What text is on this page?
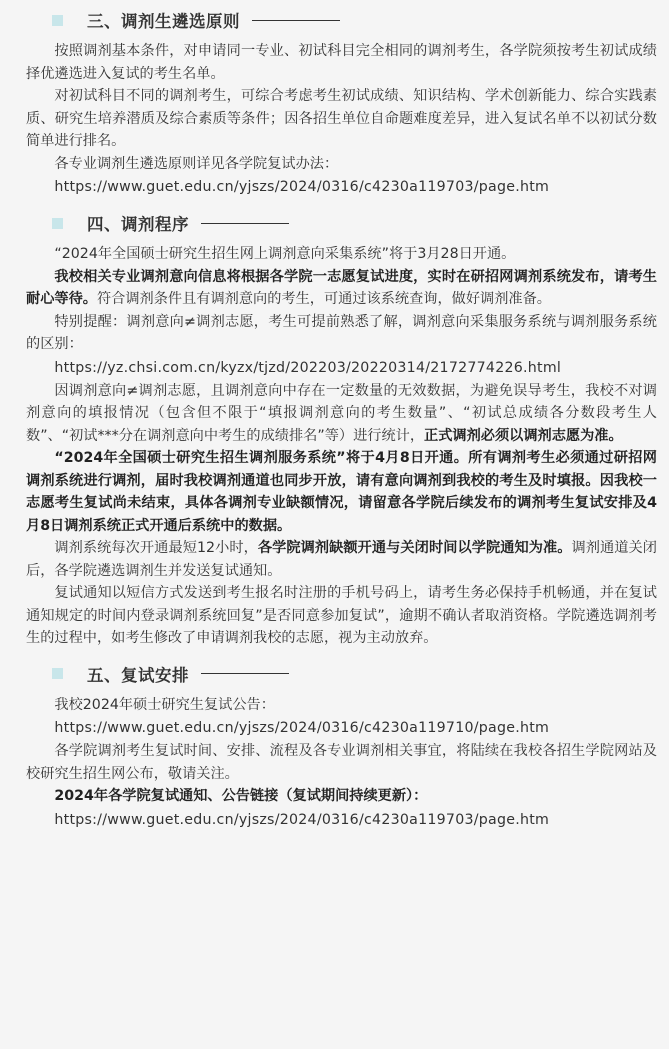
三、调剂生遴选原则

按照调剂基本条件，对申请同一专业、初试科目完全相同的调剂考生，各学院须按考生初试成绩择优遴选进入复试的考生名单。

对初试科目不同的调剂考生，可综合考虑考生初试成绩、知识结构、学术创新能力、综合实践素质、研究生培养潜质及综合素质等条件；因各招生单位自命题难度差异，进入复试名单不以初试分数简单进行排名。

各专业调剂生遴选原则详见各学院复试办法：

https://www.guet.edu.cn/yjszs/2024/0316/c4230a119703/page.htm
四、调剂程序

“2024年全国硕士研究生招生网上调剂意向采集系统”将于3月28日开通。

我校相关专业调剂意向信息将根据各学院一志愿复试进度，实时在研招网调剂系统发布，请考生耐心等待。符合调剂条件且有调剂意向的考生，可通过该系统查询，做好调剂准备。

特别提醒：调剂意向≠调剂志愿，考生可提前熟悉了解，调剂意向采集服务系统与调剂服务系统的区别：

https://yz.chsi.com.cn/kyzx/tjzd/202203/20220314/2172774226.html

因调剂意向≠调剂志愿，且调剂意向中存在一定数量的无效数据，为避免误导考生，我校不对调剂意向的填报情况（包含但不限于“填报调剂意向的考生数量”、“初试总成绩各分数段考生人数”、“初试***分在调剂意向中考生的成绩排名”等）进行统计，正式调剂必须以调剂志愿为准。

“2024年全国硕士研究生招生调剂服务系统”将于4月8日开通。所有调剂考生必须通过研招网调剂系统进行调剂，届时我校调剂通道也同步开放，请有意向调剂到我校的考生及时填报。因我校一志愿考生复试尚未结束，具体各调剂专业缺额情况，请留意各学院后续发布的调剂考生复试安排及4月8日调剂系统正式开通后系统中的数据。

调剂系统每次开通最短12小时，各学院调剂缺额开通与关闭时间以学院通知为准。调剂通道关闭后，各学院遴选调剂生并发送复试通知。

复试通知以短信方式发送到考生报名时注册的手机号码上，请考生务必保持手机畅通，并在复试通知规定的时间内登录调剂系统回复”是否同意参加复试”，逾期不确认者取消资格。学院遴选调剂考生的过程中，如考生修改了申请调剂我校的志愿，视为主动放弃。

五、复试安排

我校2024年硕士研究生复试公告：

https://www.guet.edu.cn/yjszs/2024/0316/c4230a119710/page.htm

各学院调剂考生复试时间、安排、流程及各专业调剂相关事宜，将陆续在我校各招生学院网站及校研究生招生网公布，敬请关注。

2024年各学院复试通知、公告链接（复试期间持续更新）：

https://www.guet.edu.cn/yjszs/2024/0316/c4230a119703/page.htm
